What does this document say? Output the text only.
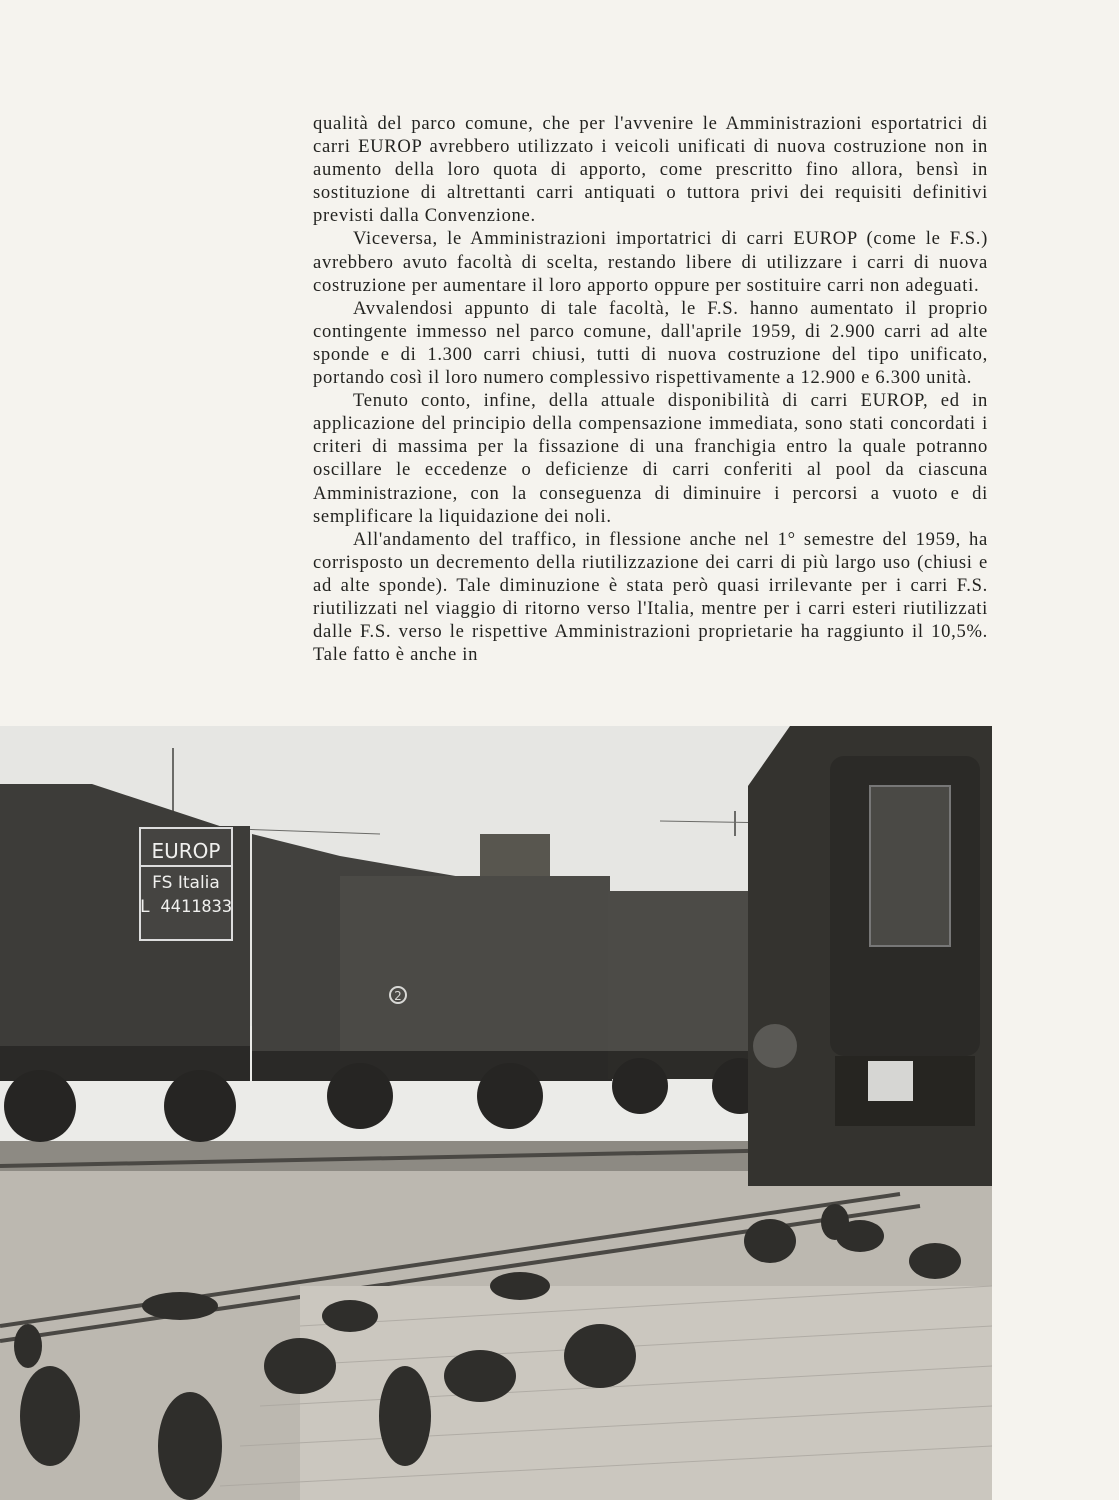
qualità del parco comune, che per l'avvenire le Amministrazioni esportatrici di carri EUROP avrebbero utilizzato i veicoli unificati di nuova costruzione non in aumento della loro quota di apporto, come prescritto fino allora, bensì in sostituzione di altrettanti carri antiquati o tuttora privi dei requisiti definitivi previsti dalla Convenzione.

Viceversa, le Amministrazioni importatrici di carri EUROP (come le F.S.) avrebbero avuto facoltà di scelta, restando libere di utilizzare i carri di nuova costruzione per aumentare il loro apporto oppure per sostituire carri non adeguati.

Avvalendosi appunto di tale facoltà, le F.S. hanno aumentato il proprio contingente immesso nel parco comune, dall'aprile 1959, di 2.900 carri ad alte sponde e di 1.300 carri chiusi, tutti di nuova costruzione del tipo unificato, portando così il loro numero complessivo rispettivamente a 12.900 e 6.300 unità.

Tenuto conto, infine, della attuale disponibilità di carri EUROP, ed in applicazione del principio della compensazione immediata, sono stati concordati i criteri di massima per la fissazione di una franchigia entro la quale potranno oscillare le eccedenze o deficienze di carri conferiti al pool da ciascuna Amministrazione, con la conseguenza di diminuire i percorsi a vuoto e di semplificare la liquidazione dei noli.

All'andamento del traffico, in flessione anche nel 1° semestre del 1959, ha corrisposto un decremento della riutilizzazione dei carri di più largo uso (chiusi e ad alte sponde). Tale diminuzione è stata però quasi irrilevante per i carri F.S. riutilizzati nel viaggio di ritorno verso l'Italia, mentre per i carri esteri riutilizzati dalle F.S. verso le rispettive Amministrazioni proprietarie ha raggiunto il 10,5%. Tale fatto è anche in

EUROP
FS Italia
L 4411833
2
